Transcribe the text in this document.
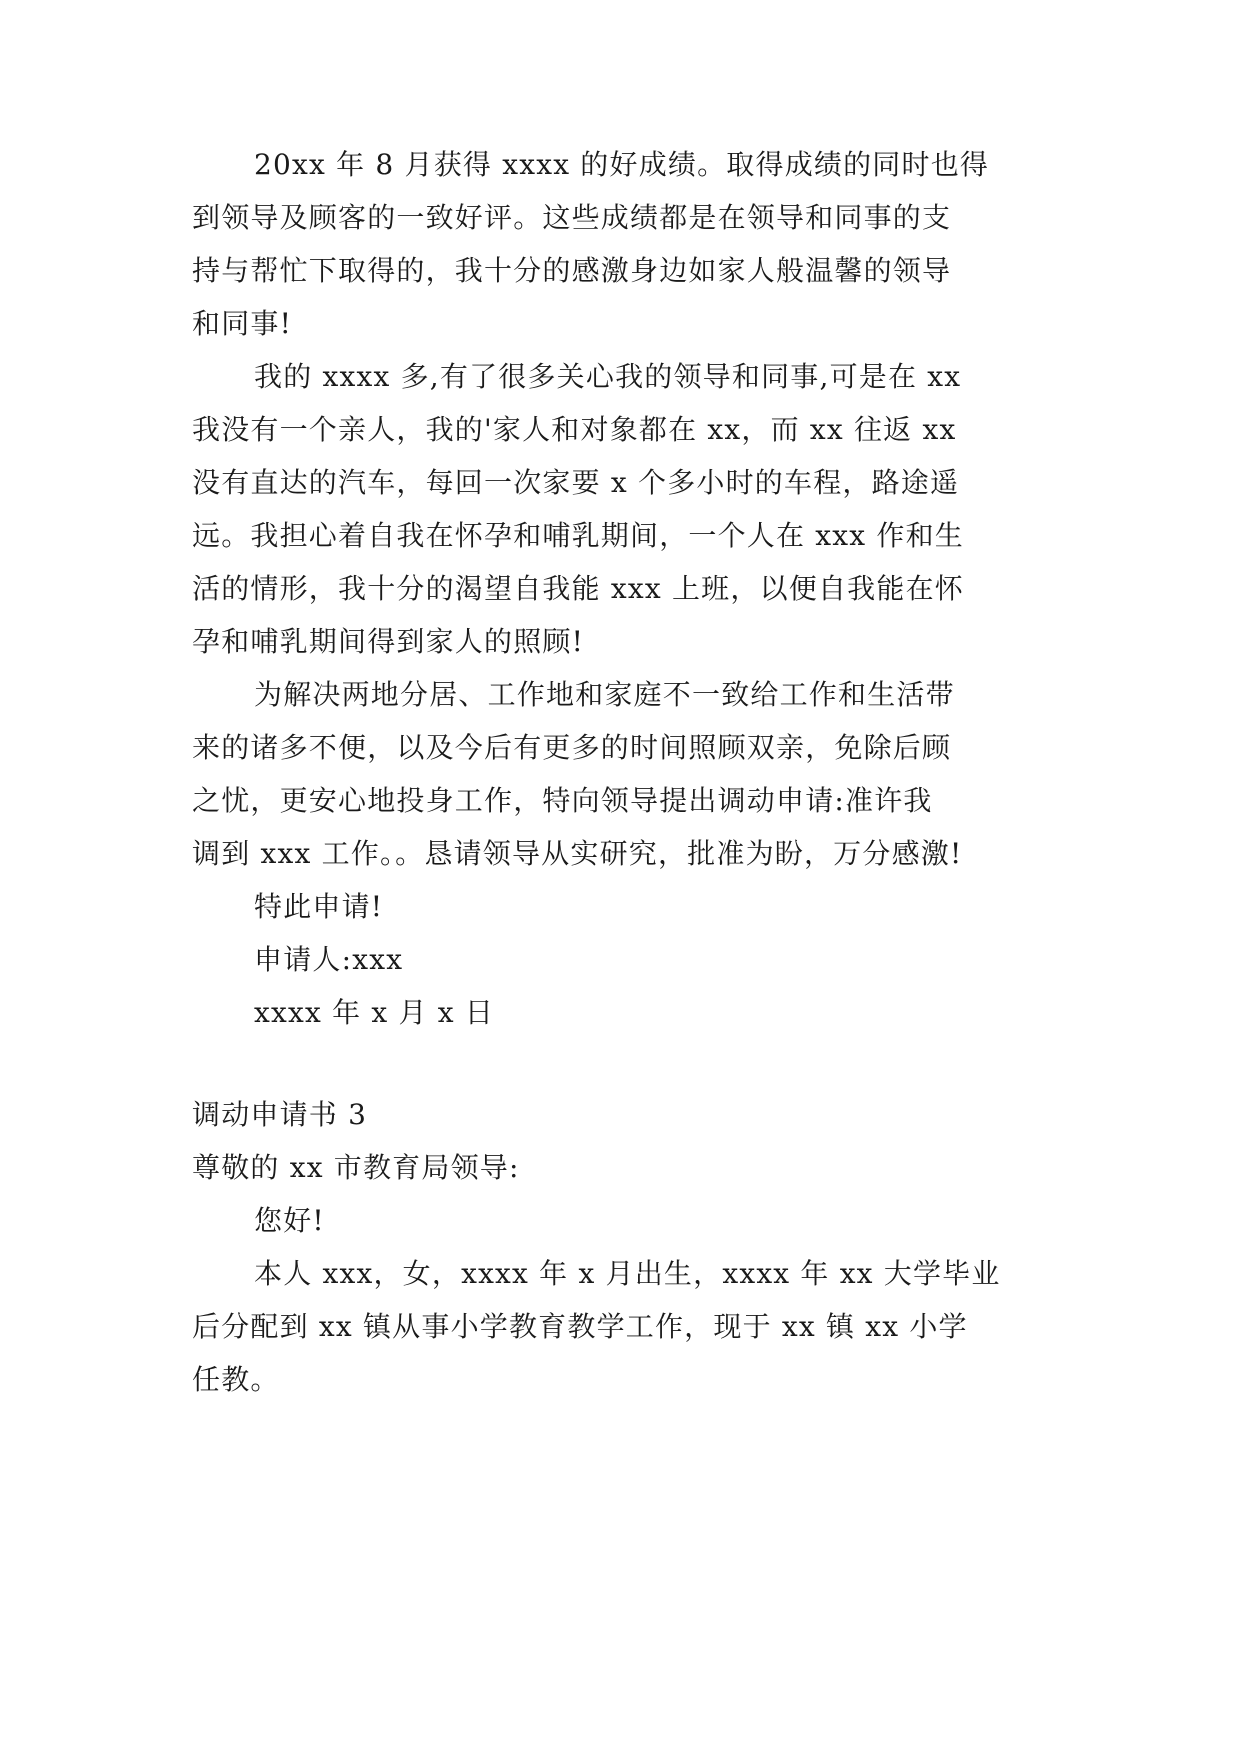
20xx 年 8 月获得 xxxx 的好成绩。取得成绩的同时也得
到领导及顾客的一致好评。这些成绩都是在领导和同事的支
持与帮忙下取得的，我十分的感激身边如家人般温馨的领导
和同事!
我的 xxxx 多,有了很多关心我的领导和同事,可是在 xx
我没有一个亲人，我的'家人和对象都在 xx，而 xx 往返 xx
没有直达的汽车，每回一次家要 x 个多小时的车程，路途遥
远。我担心着自我在怀孕和哺乳期间，一个人在 xxx 作和生
活的情形，我十分的渴望自我能 xxx 上班，以便自我能在怀
孕和哺乳期间得到家人的照顾!
为解决两地分居、工作地和家庭不一致给工作和生活带
来的诸多不便，以及今后有更多的时间照顾双亲，免除后顾
之忧，更安心地投身工作，特向领导提出调动申请:准许我
调到 xxx 工作。。恳请领导从实研究，批准为盼，万分感激!
特此申请!
申请人:xxx
xxxx 年 x 月 x 日
调动申请书 3
尊敬的 xx 市教育局领导:
您好!
本人 xxx，女，xxxx 年 x 月出生，xxxx 年 xx 大学毕业
后分配到 xx 镇从事小学教育教学工作，现于 xx 镇 xx 小学
任教。
